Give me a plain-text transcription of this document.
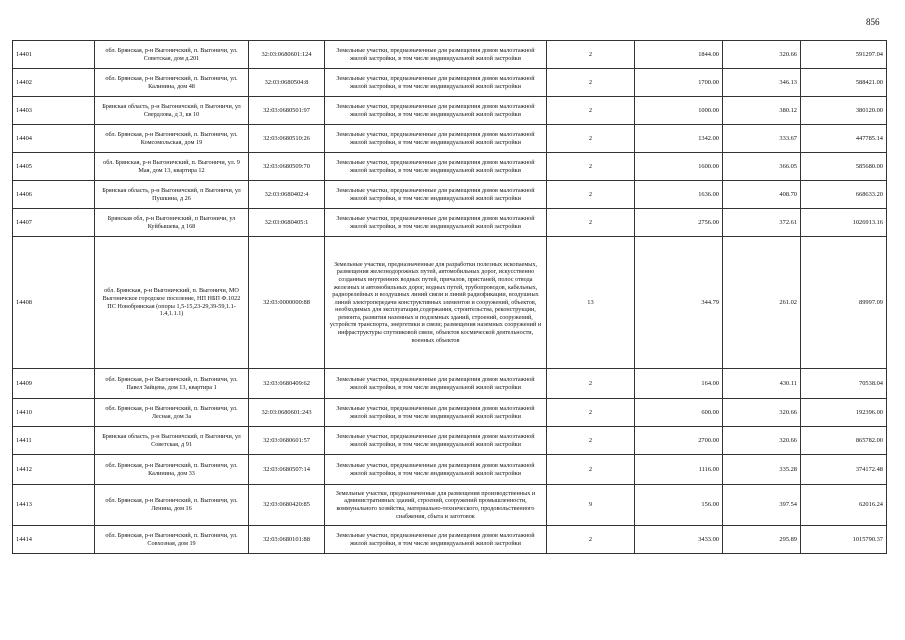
856
14401	обл. Брянская, р-н Выгоничский, п. Выгоничи, ул. Советская, дом д.201	32:03:0680601:124	Земельные участки, предназначенные для размещения домов малоэтажной жилой застройки, в том числе индивидуальной жилой застройки	2	1844.00	320.66	591297.04
14402	обл. Брянская, р-н Выгоничский, п. Выгоничи, ул. Калинина, дом 48	32:03:0680504:8	Земельные участки, предназначенные для размещения домов малоэтажной жилой застройки, в том числе индивидуальной жилой застройки	2	1700.00	346.13	588421.00
14403	Брянская область, р-н Выгоничский, п Выгоничи, ул Свердлова, д 3, кв 10	32:03:0680501:97	Земельные участки, предназначенные для размещения домов малоэтажной жилой застройки, в том числе индивидуальной жилой застройки	2	1000.00	380.12	380120.00
14404	обл. Брянская, р-н Выгоничский, п. Выгоничи, ул. Комсомольская, дом 19	32:03:0680510:26	Земельные участки, предназначенные для размещения домов малоэтажной жилой застройки, в том числе индивидуальной жилой застройки	2	1342.00	333.67	447785.14
14405	обл. Брянская, р-н Выгоничский, п. Выгоничи, ул. 9 Мая, дом 13, квартира 12	32:03:0680509:70	Земельные участки, предназначенные для размещения домов малоэтажной жилой застройки, в том числе индивидуальной жилой застройки	2	1600.00	366.05	585680.00
14406	Брянская область, р-н Выгоничский, п Выгоничи, ул Пушкина, д 26	32:03:0680402:4	Земельные участки, предназначенные для размещения домов малоэтажной жилой застройки, в том числе индивидуальной жилой застройки	2	1636.00	408.70	668633.20
14407	Брянская обл, р-н Выгоничский, п Выгоничи, ул Куйбышева, д 168	32:03:0680405:1	Земельные участки, предназначенные для размещения домов малоэтажной жилой застройки, в том числе индивидуальной жилой застройки	2	2756.00	372.61	1026913.16
14408	обл. Брянская, р-н Выгоничский, п. Выгоничи, МО Выгоничское городское поселение, НП НБП Ф.1022 ПС Новобрянская (опоры 1,5-15,23-29,39-59,1.1-1.4,1.1.1)	32:03:0000000:88	Земельные участки, предназначенные для разработки полезных ископаемых, размещения железнодорожных путей, автомобильных дорог, искусственно созданных внутренних водных путей, причалов, пристаней, полос отвода железных и автомобильных дорог, водных путей, трубопроводов, кабельных, радиорелейных и воздушных линий связи и линий радиофикации, воздушных линий электропередачи конструктивных элементов и сооружений, объектов, необходимых для эксплуатации,содержания, строительства, реконструкции, ремонта, развития наземных и подземных зданий, строений, сооружений, устройств транспорта, энергетики и связи; размещения наземных сооружений и инфраструктуры спутниковой связи, объектов космической деятельности, военных объектов	13	344.79	261.02	89997.09
14409	обл. Брянская, р-н Выгоничский, п. Выгоничи, ул. Павел Зайцева, дом 13, квартира 1	32:03:0680409:62	Земельные участки, предназначенные для размещения домов малоэтажной жилой застройки, в том числе индивидуальной жилой застройки	2	164.00	430.11	70538.04
14410	обл. Брянская, р-н Выгоничский, п. Выгоничи, ул. Лесная, дом 3а	32:03:0680601:243	Земельные участки, предназначенные для размещения домов малоэтажной жилой застройки, в том числе индивидуальной жилой застройки	2	600.00	320.66	192396.00
14411	Брянская область, р-н Выгоничский, п Выгоничи, ул Советская, д 91	32:03:0680601:57	Земельные участки, предназначенные для размещения домов малоэтажной жилой застройки, в том числе индивидуальной жилой застройки	2	2700.00	320.66	865782.00
14412	обл. Брянская, р-н Выгоничский, п. Выгоничи, ул. Калинина, дом 33	32:03:0680507:14	Земельные участки, предназначенные для размещения домов малоэтажной жилой застройки, в том числе индивидуальной жилой застройки	2	1116.00	335.28	374172.48
14413	обл. Брянская, р-н Выгоничский, п. Выгоничи, ул. Ленина, дом 16	32:03:0680420:85	Земельные участки, предназначенные для размещения производственных и административных зданий, строений, сооружений промышленности, коммунального хозяйства, материально-технического, продовольственного снабжения, сбыта и заготовок	9	156.00	397.54	62016.24
14414	обл. Брянская, р-н Выгоничский, п. Выгоничи, ул. Совхозная, дом 19	32:03:0680101:88	Земельные участки, предназначенные для размещения домов малоэтажной жилой застройки, в том числе индивидуальной жилой застройки	2	3433.00	295.89	1015790.37
